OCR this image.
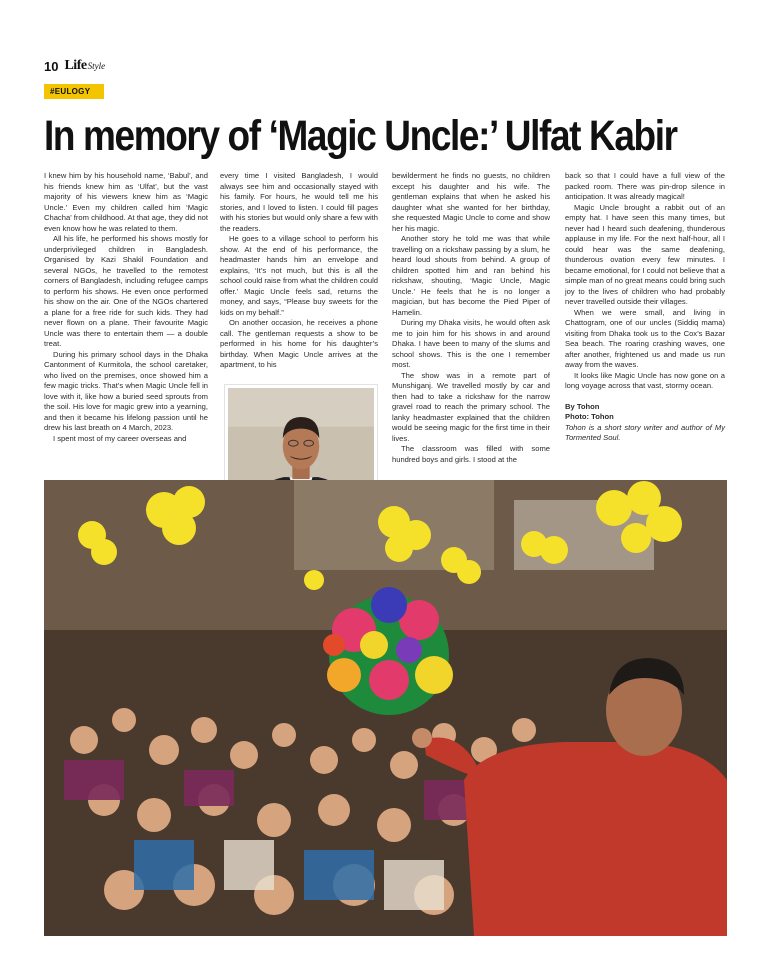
10 Life Style
#EULOGY
In memory of ‘Magic Uncle:’ Ulfat Kabir

I knew him by his household name, ‘Babul’, and his friends knew him as ‘Ulfat’, but the vast majority of his viewers knew him as ‘Magic Uncle.’ Even my children called him ‘Magic Chacha’ from childhood. At that age, they did not even know how he was related to them.

All his life, he performed his shows mostly for underprivileged children in Bangladesh. Organised by Kazi Shakil Foundation and several NGOs, he travelled to the remotest corners of Bangladesh, including refugee camps to perform his shows. He even once performed his show on the air. One of the NGOs chartered a plane for a free ride for such kids. They had never flown on a plane. Their favourite Magic Uncle was there to entertain them — a double treat.

During his primary school days in the Dhaka Cantonment of Kurmitola, the school caretaker, who lived on the premises, once showed him a few magic tricks. That’s when Magic Uncle fell in love with it, like how a buried seed sprouts from the soil. His love for magic grew into a yearning, and then it became his lifelong passion until he drew his last breath on 4 March, 2023.

I spent most of my career overseas and

every time I visited Bangladesh, I would always see him and occasionally stayed with his family. For hours, he would tell me his stories, and I loved to listen. I could fill pages with his stories but would only share a few with the readers.

He goes to a village school to perform his show. At the end of his performance, the headmaster hands him an envelope and explains, ‘It’s not much, but this is all the school could raise from what the children could offer.’ Magic Uncle feels sad, returns the money, and says, “Please buy sweets for the kids on my behalf.”

On another occasion, he receives a phone call. The gentleman requests a show to be performed in his home for his daughter’s birthday. When Magic Uncle arrives at the apartment, to his

bewilderment he finds no guests, no children except his daughter and his wife. The gentleman explains that when he asked his daughter what she wanted for her birthday, she requested Magic Uncle to come and show her his magic.

Another story he told me was that while travelling on a rickshaw passing by a slum, he heard loud shouts from behind. A group of children spotted him and ran behind his rickshaw, shouting, ‘Magic Uncle, Magic Uncle.’ He feels that he is no longer a magician, but has become the Pied Piper of Hamelin.

During my Dhaka visits, he would often ask me to join him for his shows in and around Dhaka. I have been to many of the slums and school shows. This is the one I remember most.

The show was in a remote part of Munshiganj. We travelled mostly by car and then had to take a rickshaw for the narrow gravel road to reach the primary school. The lanky headmaster explained that the children would be seeing magic for the first time in their lives.

The classroom was filled with some hundred boys and girls. I stood at the

back so that I could have a full view of the packed room. There was pin-drop silence in anticipation. It was already magical!

Magic Uncle brought a rabbit out of an empty hat. I have seen this many times, but never had I heard such deafening, thunderous applause in my life. For the next half-hour, all I could hear was the same deafening, thunderous ovation every few minutes. I became emotional, for I could not believe that a simple man of no great means could bring such joy to the lives of children who had probably never travelled outside their villages.

When we were small, and living in Chattogram, one of our uncles (Siddiq mama) visiting from Dhaka took us to the Cox’s Bazar Sea beach. The roaring crashing waves, one after another, frightened us and made us run away from the waves.

It looks like Magic Uncle has now gone on a long voyage across that vast, stormy ocean.

By Tohon
Photo: Tohon
Tohon is a short story writer and author of My Tormented Soul.
